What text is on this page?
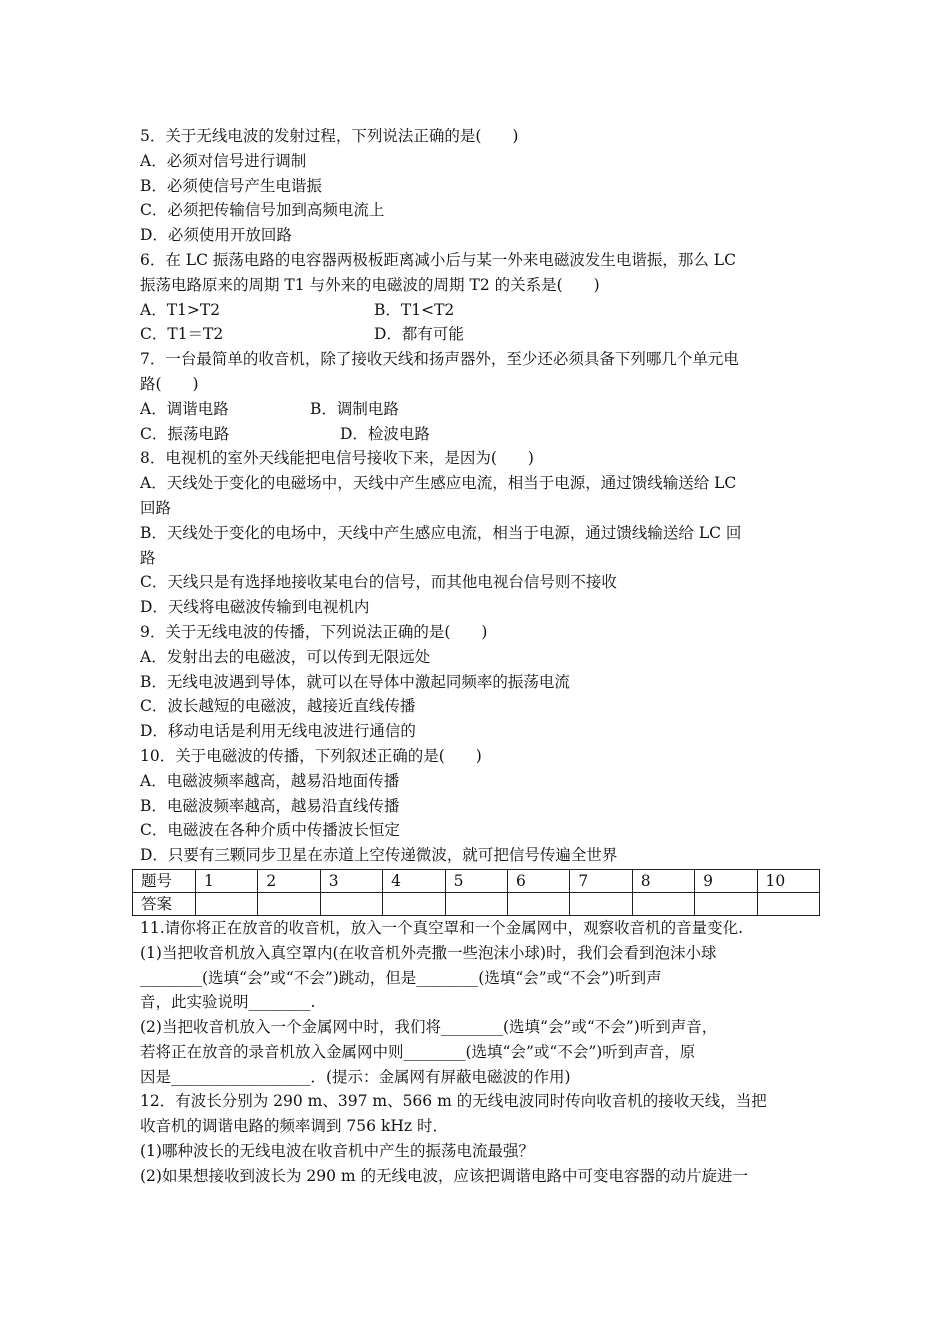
5．关于无线电波的发射过程，下列说法正确的是(　　)
A．必须对信号进行调制
B．必须使信号产生电谐振
C．必须把传输信号加到高频电流上
D．必须使用开放回路
6．在 LC 振荡电路的电容器两极板距离减小后与某一外来电磁波发生电谐振，那么 LC
振荡电路原来的周期 T1 与外来的电磁波的周期 T2 的关系是(　　)
A．T1>T2	B．T1<T2
C．T1＝T2	D．都有可能
7．一台最简单的收音机，除了接收天线和扬声器外，至少还必须具备下列哪几个单元电
路(　　)
A．调谐电路	B．调制电路
C．振荡电路	D．检波电路
8．电视机的室外天线能把电信号接收下来，是因为(　　)
A．天线处于变化的电磁场中，天线中产生感应电流，相当于电源，通过馈线输送给 LC
回路
B．天线处于变化的电场中，天线中产生感应电流，相当于电源，通过馈线输送给 LC 回
路
C．天线只是有选择地接收某电台的信号，而其他电视台信号则不接收
D．天线将电磁波传输到电视机内
9．关于无线电波的传播，下列说法正确的是(　　)
A．发射出去的电磁波，可以传到无限远处
B．无线电波遇到导体，就可以在导体中激起同频率的振荡电流
C．波长越短的电磁波，越接近直线传播
D．移动电话是利用无线电波进行通信的
10．关于电磁波的传播，下列叙述正确的是(　　)
A．电磁波频率越高，越易沿地面传播
B．电磁波频率越高，越易沿直线传播
C．电磁波在各种介质中传播波长恒定
D．只要有三颗同步卫星在赤道上空传递微波，就可把信号传遍全世界
题号	1	2	3	4	5	6	7	8	9	10
答案										
11.请你将正在放音的收音机，放入一个真空罩和一个金属网中，观察收音机的音量变化.
(1)当把收音机放入真空罩内(在收音机外壳撒一些泡沫小球)时，我们会看到泡沫小球
________(选填“会”或“不会”)跳动，但是________(选填“会”或“不会”)听到声
音，此实验说明________.
(2)当把收音机放入一个金属网中时，我们将________(选填“会”或“不会”)听到声音，
若将正在放音的录音机放入金属网中则________(选填“会”或“不会”)听到声音，原
因是__________________．(提示：金属网有屏蔽电磁波的作用)
12．有波长分别为 290 m、397 m、566 m 的无线电波同时传向收音机的接收天线，当把
收音机的调谐电路的频率调到 756 kHz 时．
(1)哪种波长的无线电波在收音机中产生的振荡电流最强？
(2)如果想接收到波长为 290 m 的无线电波，应该把调谐电路中可变电容器的动片旋进一
